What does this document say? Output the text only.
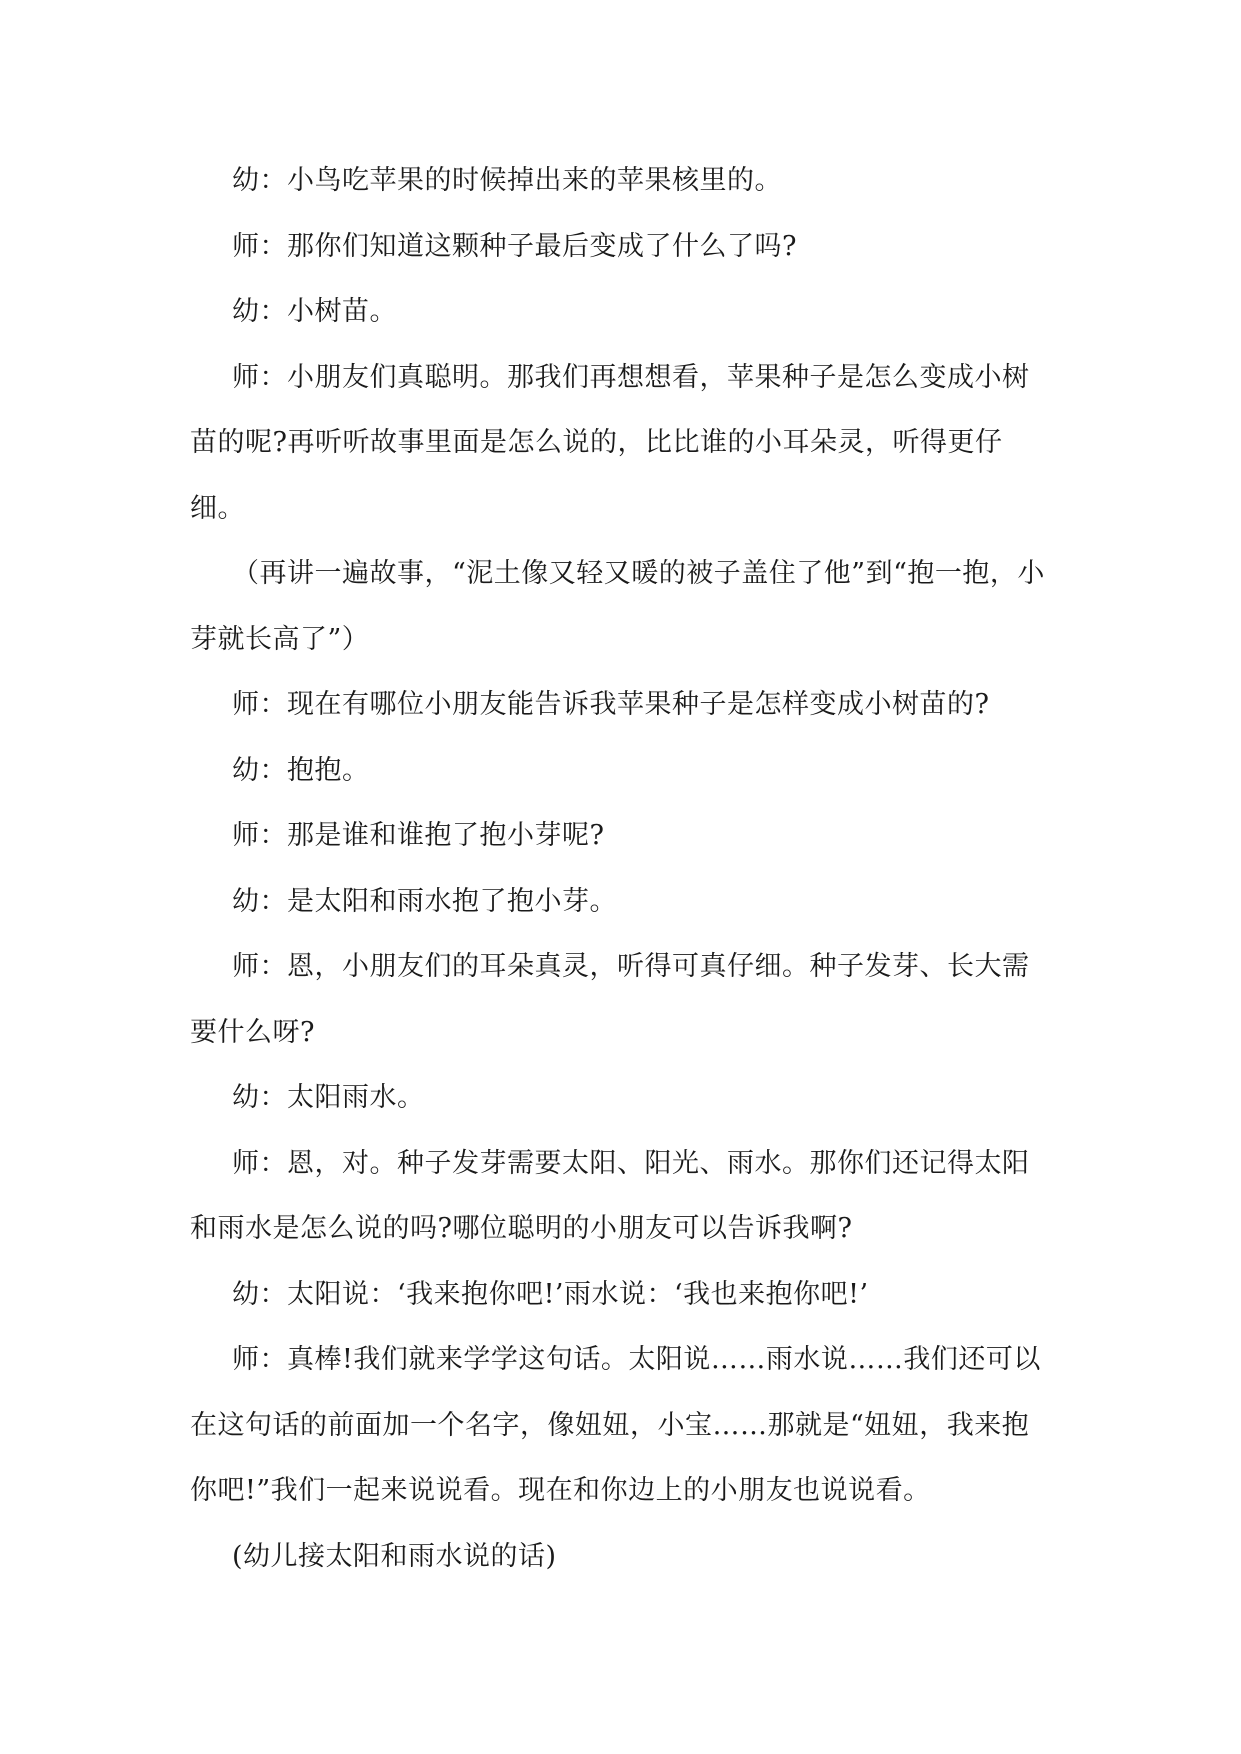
幼：小鸟吃苹果的时候掉出来的苹果核里的。

师：那你们知道这颗种子最后变成了什么了吗?

幼：小树苗。

师：小朋友们真聪明。那我们再想想看，苹果种子是怎么变成小树苗的呢?再听听故事里面是怎么说的，比比谁的小耳朵灵，听得更仔细。

（再讲一遍故事，“泥土像又轻又暖的被子盖住了他”到“抱一抱，小芽就长高了”）

师：现在有哪位小朋友能告诉我苹果种子是怎样变成小树苗的?

幼：抱抱。

师：那是谁和谁抱了抱小芽呢?

幼：是太阳和雨水抱了抱小芽。

师：恩，小朋友们的耳朵真灵，听得可真仔细。种子发芽、长大需要什么呀?

幼：太阳雨水。

师：恩，对。种子发芽需要太阳、阳光、雨水。那你们还记得太阳和雨水是怎么说的吗?哪位聪明的小朋友可以告诉我啊?

幼：太阳说：‘我来抱你吧!’雨水说：‘我也来抱你吧!’

师：真棒!我们就来学学这句话。太阳说……雨水说……我们还可以在这句话的前面加一个名字，像妞妞，小宝……那就是“妞妞，我来抱你吧!”我们一起来说说看。现在和你边上的小朋友也说说看。

(幼儿接太阳和雨水说的话)
